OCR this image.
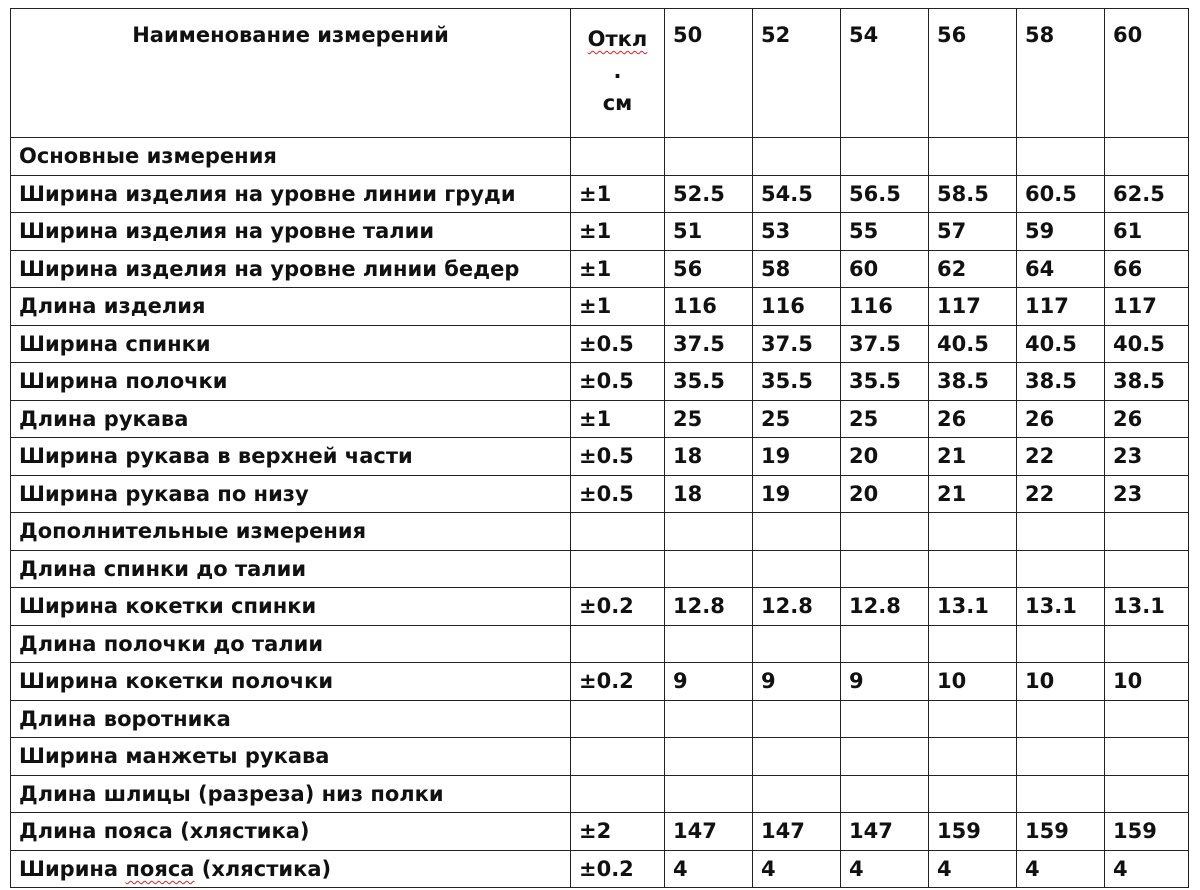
Наименование измерений	Откл
.
см	50	52	54	56	58	60
Основные измерения							
Ширина изделия на уровне линии груди	±1	52.5	54.5	56.5	58.5	60.5	62.5
Ширина изделия на уровне талии	±1	51	53	55	57	59	61
Ширина изделия на уровне линии бедер	±1	56	58	60	62	64	66
Длина изделия	±1	116	116	116	117	117	117
Ширина спинки	±0.5	37.5	37.5	37.5	40.5	40.5	40.5
Ширина полочки	±0.5	35.5	35.5	35.5	38.5	38.5	38.5
Длина рукава	±1	25	25	25	26	26	26
Ширина рукава в верхней части	±0.5	18	19	20	21	22	23
Ширина рукава по низу	±0.5	18	19	20	21	22	23
Дополнительные измерения							
Длина спинки до талии							
Ширина кокетки спинки	±0.2	12.8	12.8	12.8	13.1	13.1	13.1
Длина полочки до талии							
Ширина кокетки полочки	±0.2	9	9	9	10	10	10
Длина воротника							
Ширина манжеты рукава							
Длина шлицы (разреза) низ полки							
Длина пояса (хлястика)	±2	147	147	147	159	159	159
Ширина пояса (хлястика)	±0.2	4	4	4	4	4	4
